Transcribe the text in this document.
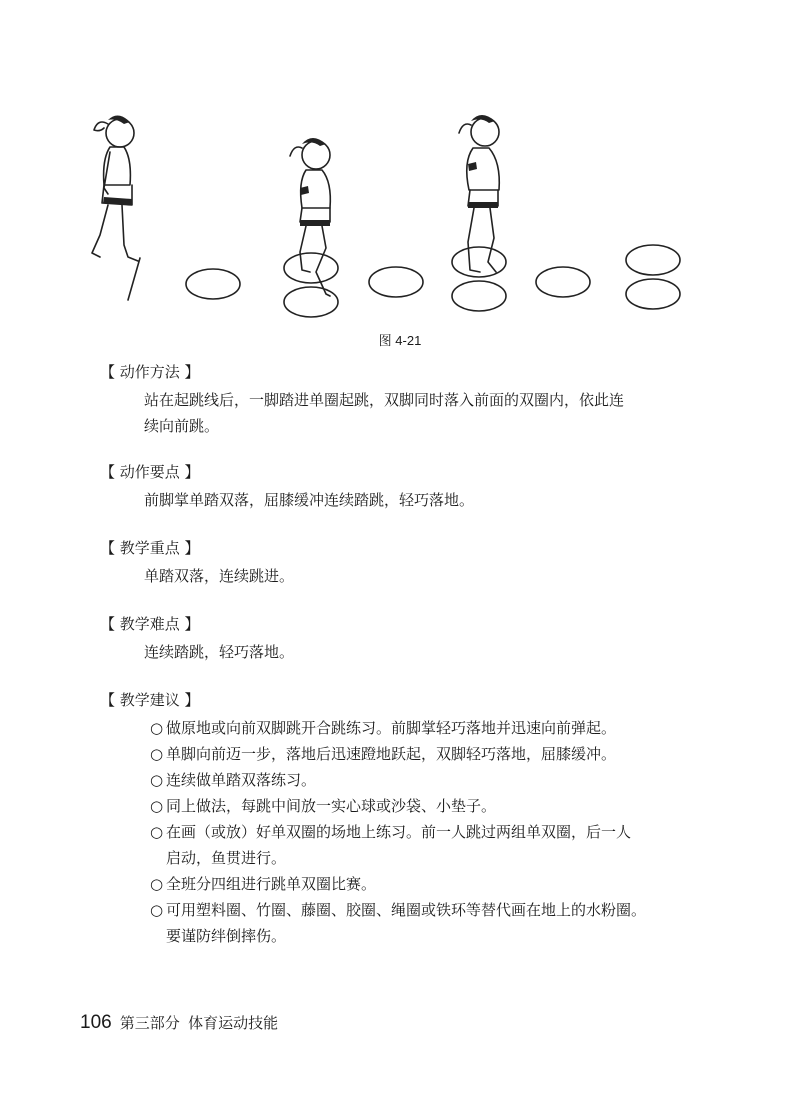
图 4-21
【 动作方法 】

站在起跳线后，一脚踏进单圈起跳，双脚同时落入前面的双圈内，依此连

续向前跳。

【 动作要点 】

前脚掌单踏双落，屈膝缓冲连续踏跳，轻巧落地。

【 教学重点 】

单踏双落，连续跳进。

【 教学难点 】

连续踏跳，轻巧落地。

【 教学建议 】
○ 做原地或向前双脚跳开合跳练习。前脚掌轻巧落地并迅速向前弹起。
○ 单脚向前迈一步，落地后迅速蹬地跃起，双脚轻巧落地，屈膝缓冲。
○ 连续做单踏双落练习。
○ 同上做法，每跳中间放一实心球或沙袋、小垫子。
○ 在画（或放）好单双圈的场地上练习。前一人跳过两组单双圈，后一人
启动，鱼贯进行。
○ 全班分四组进行跳单双圈比赛。
○ 可用塑料圈、竹圈、藤圈、胶圈、绳圈或铁环等替代画在地上的水粉圈。
要谨防绊倒摔伤。
106 第三部分 体育运动技能
